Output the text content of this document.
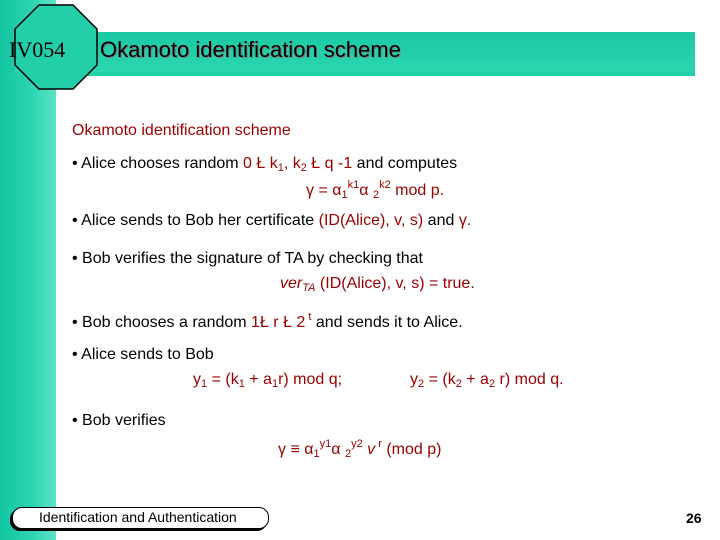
IV054 Okamoto identification scheme
Okamoto identification scheme
• Alice chooses random 0 Ł $k_1$, $k_2$ Ł q -1 and computes
$\gamma = \alpha_1^{k1}\alpha$ $_2^{k2}$ mod p.
• Alice sends to Bob her certificate (ID(Alice), v, s) and γ.
• Bob verifies the signature of TA by checking that
ver$_{TA}$ (ID(Alice), v, s) = true.
• Bob chooses a random 1Ł r Ł 2 $^t$ and sends it to Alice.
• Alice sends to Bob
$y_1 = (k_1 + a_1r)$ mod q;	$y_2 = (k_2 + a_2$ r) mod q.
• Bob verifies
$\gamma \equiv \alpha_1^{y1}\alpha$ $_2^{y2}$ v $^r$ (mod p)
Identification and Authentication	26
